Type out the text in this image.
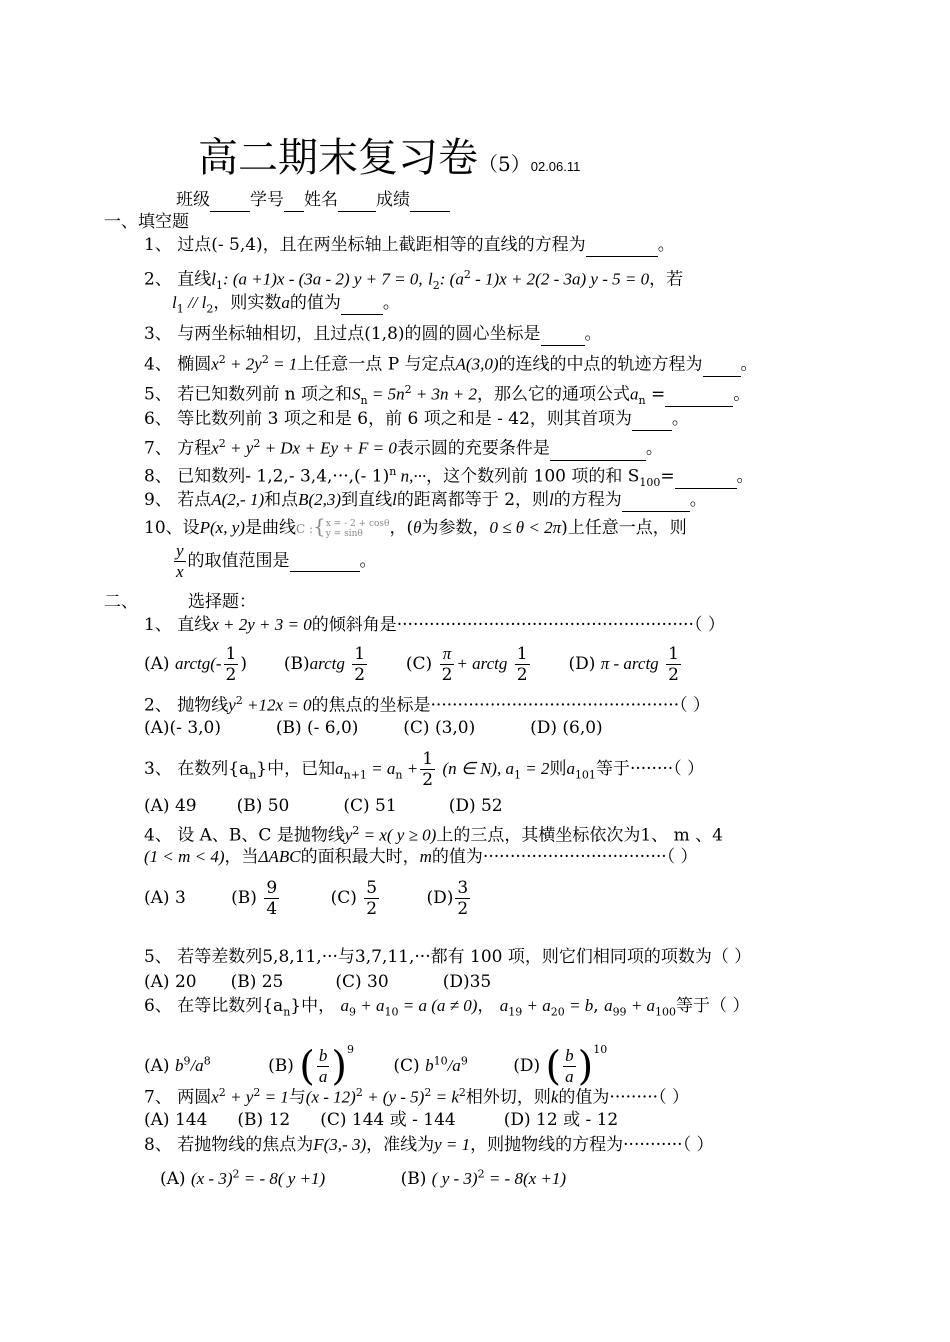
高二期末复习卷（5）02.06.11
班级 学号 姓名 成绩
一、填空题
1、 过点(- 5,4)，且在两坐标轴上截距相等的直线的方程为	。
2、 直线$l_1$: (a +1)x - (3a - 2) y + 7 = 0, $l_2$: $(a^2 - 1)x + 2(2 - 3a)$ y - 5 = 0，若
$l_1 // l_2$，则实数a的值为 。
3、 与两坐标轴相切，且过点(1,8)的圆的圆心坐标是	。
4、 椭圆$x^2 + 2y^2 = 1$上任意一点 P 与定点A(3,0)的连线的中点的轨迹方程为 。
5、 若已知数列前 n 项之和$S_n = 5n^2 + 3n + 2$，那么它的通项公式$a_n$ =	。
6、 等比数列前 3 项之和是 6，前 6 项之和是 - 42，则其首项为 。
7、 方程$x^2 + y^2 + Dx + Ey + F = 0$表示圆的充要条件是	。
8、 已知数列- 1,2,- 3,4,···,(- 1)$^n$ n,···，这个数列前 100 项的和 $S_{100}=$	。
9、 若点A(2,- 1)和点B(2,3)到直线l的距离都等于 2，则l的方程为	。
10、设P(x, y)是曲线C :{ x = - 2 + cosθ
y = sinθ	，(θ为参数，0 ≤ θ < 2π)上任意一点，则
$\frac{y}{x}$ 的取值范围是	。
二、	选择题：
1、 直线x + 2y + 3 = 0的倾斜角是·······················································（ ）
(A) arctg(- $\frac{1}{2}$ ) (B)arctg $\frac{1}{2} (C) \frac{\pi}{2}$ + arctg $\frac{1}{2} (D)$ π - arctg $\frac{1}{2}$
2、 抛物线$y^2 +12x = 0$的焦点的坐标是··············································（ ）
(A)(- 3,0)	(B) (- 6,0)	(C) (3,0)	(D) (6,0)
3、 在数列$\{a_n\}$中，已知$a_{n+1} = a_n + \frac{1}{2} (n$ ∈ N), $a_1 = 2$则$a_{101}$等于········（ ）
(A) 49 (B) 50	(C) 51	(D) 52
4、 设 A、B、C 是抛物线$y^2 = x$( y ≥ 0)上的三点，其横坐标依次为1、 m 、4
(1 < m < 4)，当ΔABC的面积最大时，m的值为··································（ ）
(A) 3	$(B) \frac{9}{4}$	$(C) \frac{5}{2}$	$(D) \frac{3}{2}$
5、 若等差数列5,8,11,···与3,7,11,···都有 100 项，则它们相同项的项数为（ ）
(A) 20 (B) 25	(C) 30	(D)35
6、 在等比数列$\{a_n\}$中， $a_9 + a_{10} = a$ (a ≠ 0)， $a_{19} + a_{20} = b$, $a_{99} + a_{100}$等于（ ）
(A) $b^9/a^8$	(B) ( $\frac{b}{a} )^9$ (C) $b^{10}/a^9$	(D) ( $\frac{b}{a} )^{10}$
7、 两圆$x^2 + y^2 = 1$与$(x - 12)^2 + (y - 5)^2 = k^2$相外切，则k的值为·········（ ）
(A) 144 (B) 12 (C) 144 或 - 144	(D) 12 或 - 12
8、 若抛物线的焦点为F(3,- 3)，准线为y = 1，则抛物线的方程为···········（ ）
(A) (x - 3)$^2$ = - 8( y +1)	(B) ( y - 3)$^2$ = - 8(x +1)
